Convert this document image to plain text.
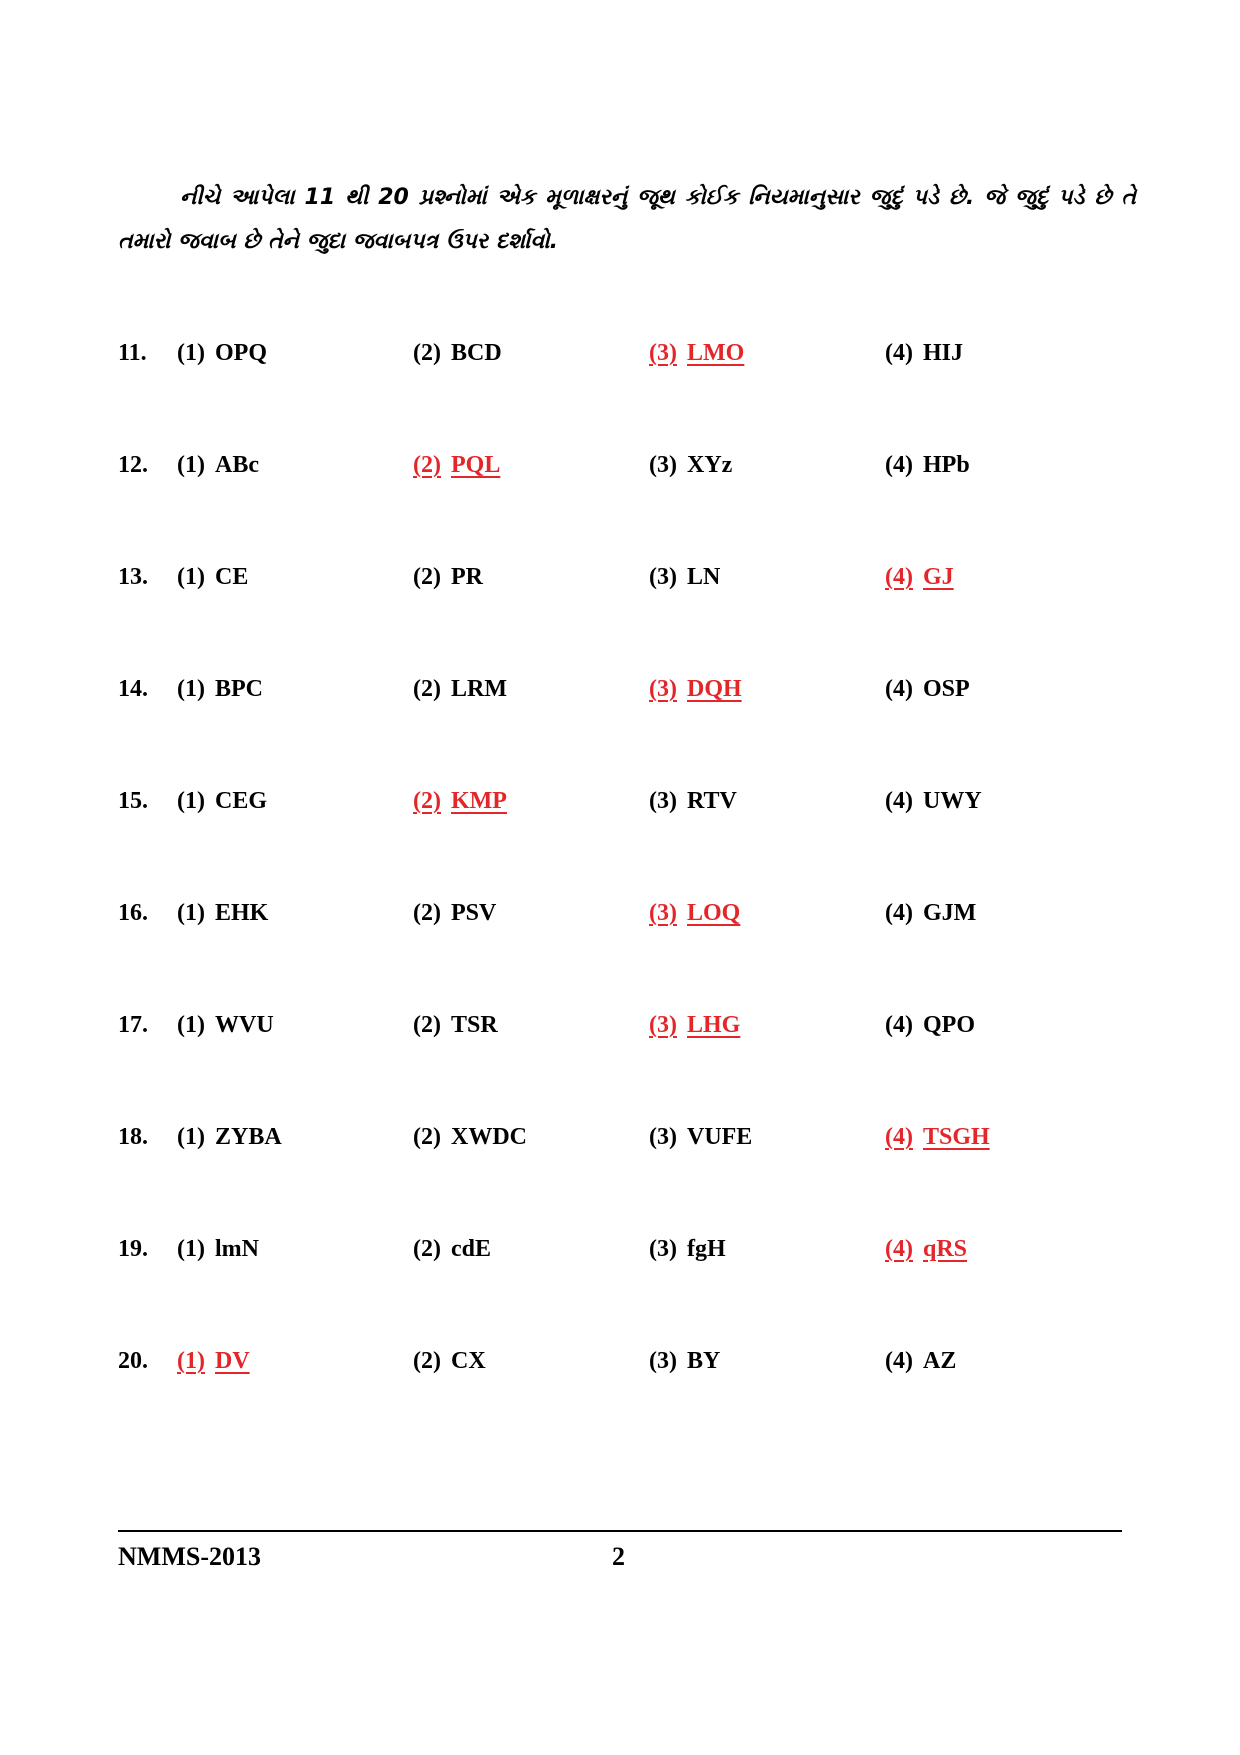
નીચે આપેલા 11 થી 20 પ્રશ્નોમાં એક મૂળાક્ષરનું જૂથ કોઈક નિયમાનુસાર જુદું પડે છે. જે જુદું પડે છે તે તમારો જવાબ છે તેને જુદા જવાબપત્ર ઉપર દર્શાવો.
11. (1) OPQ	(2) BCD	(3) LMO	(4) HIJ
12. (1) ABc	(2) PQL	(3) XYz	(4) HPb
13. (1) CE	(2) PR	(3) LN	(4) GJ
14. (1) BPC	(2) LRM	(3) DQH	(4) OSP
15. (1) CEG	(2) KMP	(3) RTV	(4) UWY
16. (1) EHK	(2) PSV	(3) LOQ	(4) GJM
17. (1) WVU	(2) TSR	(3) LHG	(4) QPO
18. (1) ZYBA	(2) XWDC	(3) VUFE	(4) TSGH
19. (1) lmN	(2) cdE	(3) fgH	(4) qRS
20. (1) DV	(2) CX	(3) BY	(4) AZ
NMMS-2013	2
